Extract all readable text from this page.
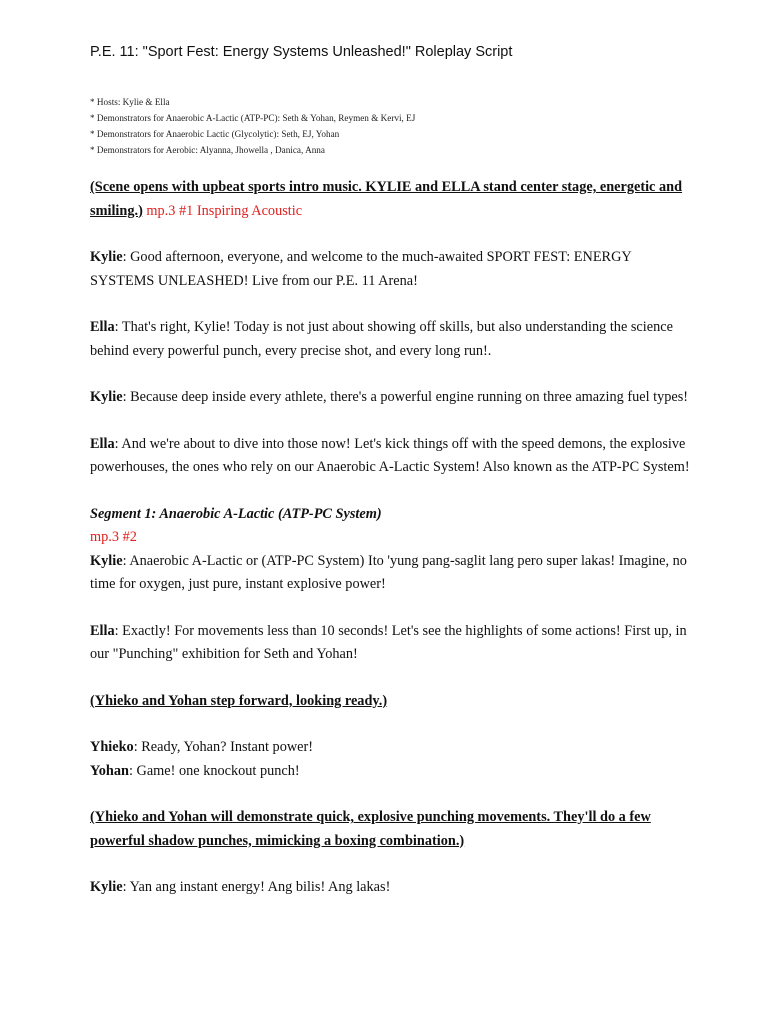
P.E. 11: "Sport Fest: Energy Systems Unleashed!" Roleplay Script
* Hosts: Kylie & Ella
* Demonstrators for Anaerobic A-Lactic (ATP-PC): Seth & Yohan, Reymen & Kervi, EJ
* Demonstrators for Anaerobic Lactic (Glycolytic): Seth, EJ, Yohan
* Demonstrators for Aerobic: Alyanna, Jhowella , Danica, Anna

(Scene opens with upbeat sports intro music. KYLIE and ELLA stand center stage, energetic and smiling.) mp.3 #1 Inspiring Acoustic

Kylie: Good afternoon, everyone, and welcome to the much-awaited SPORT FEST: ENERGY SYSTEMS UNLEASHED! Live from our P.E. 11 Arena!

Ella: That's right, Kylie! Today is not just about showing off skills, but also understanding the science behind every powerful punch, every precise shot, and every long run!.

Kylie: Because deep inside every athlete, there's a powerful engine running on three amazing fuel types!

Ella: And we're about to dive into those now! Let's kick things off with the speed demons, the explosive powerhouses, the ones who rely on our Anaerobic A-Lactic System! Also known as the ATP-PC System!

Segment 1: Anaerobic A-Lactic (ATP-PC System)

mp.3 #2

Kylie: Anaerobic A-Lactic or (ATP-PC System) Ito 'yung pang-saglit lang pero super lakas! Imagine, no time for oxygen, just pure, instant explosive power!

Ella: Exactly! For movements less than 10 seconds! Let's see the highlights of some actions! First up, in our "Punching" exhibition for Seth and Yohan!

(Yhieko and Yohan step forward, looking ready.)

Yhieko: Ready, Yohan? Instant power!

Yohan: Game! one knockout punch!

(Yhieko and Yohan will demonstrate quick, explosive punching movements. They'll do a few powerful shadow punches, mimicking a boxing combination.)

Kylie: Yan ang instant energy! Ang bilis! Ang lakas!
